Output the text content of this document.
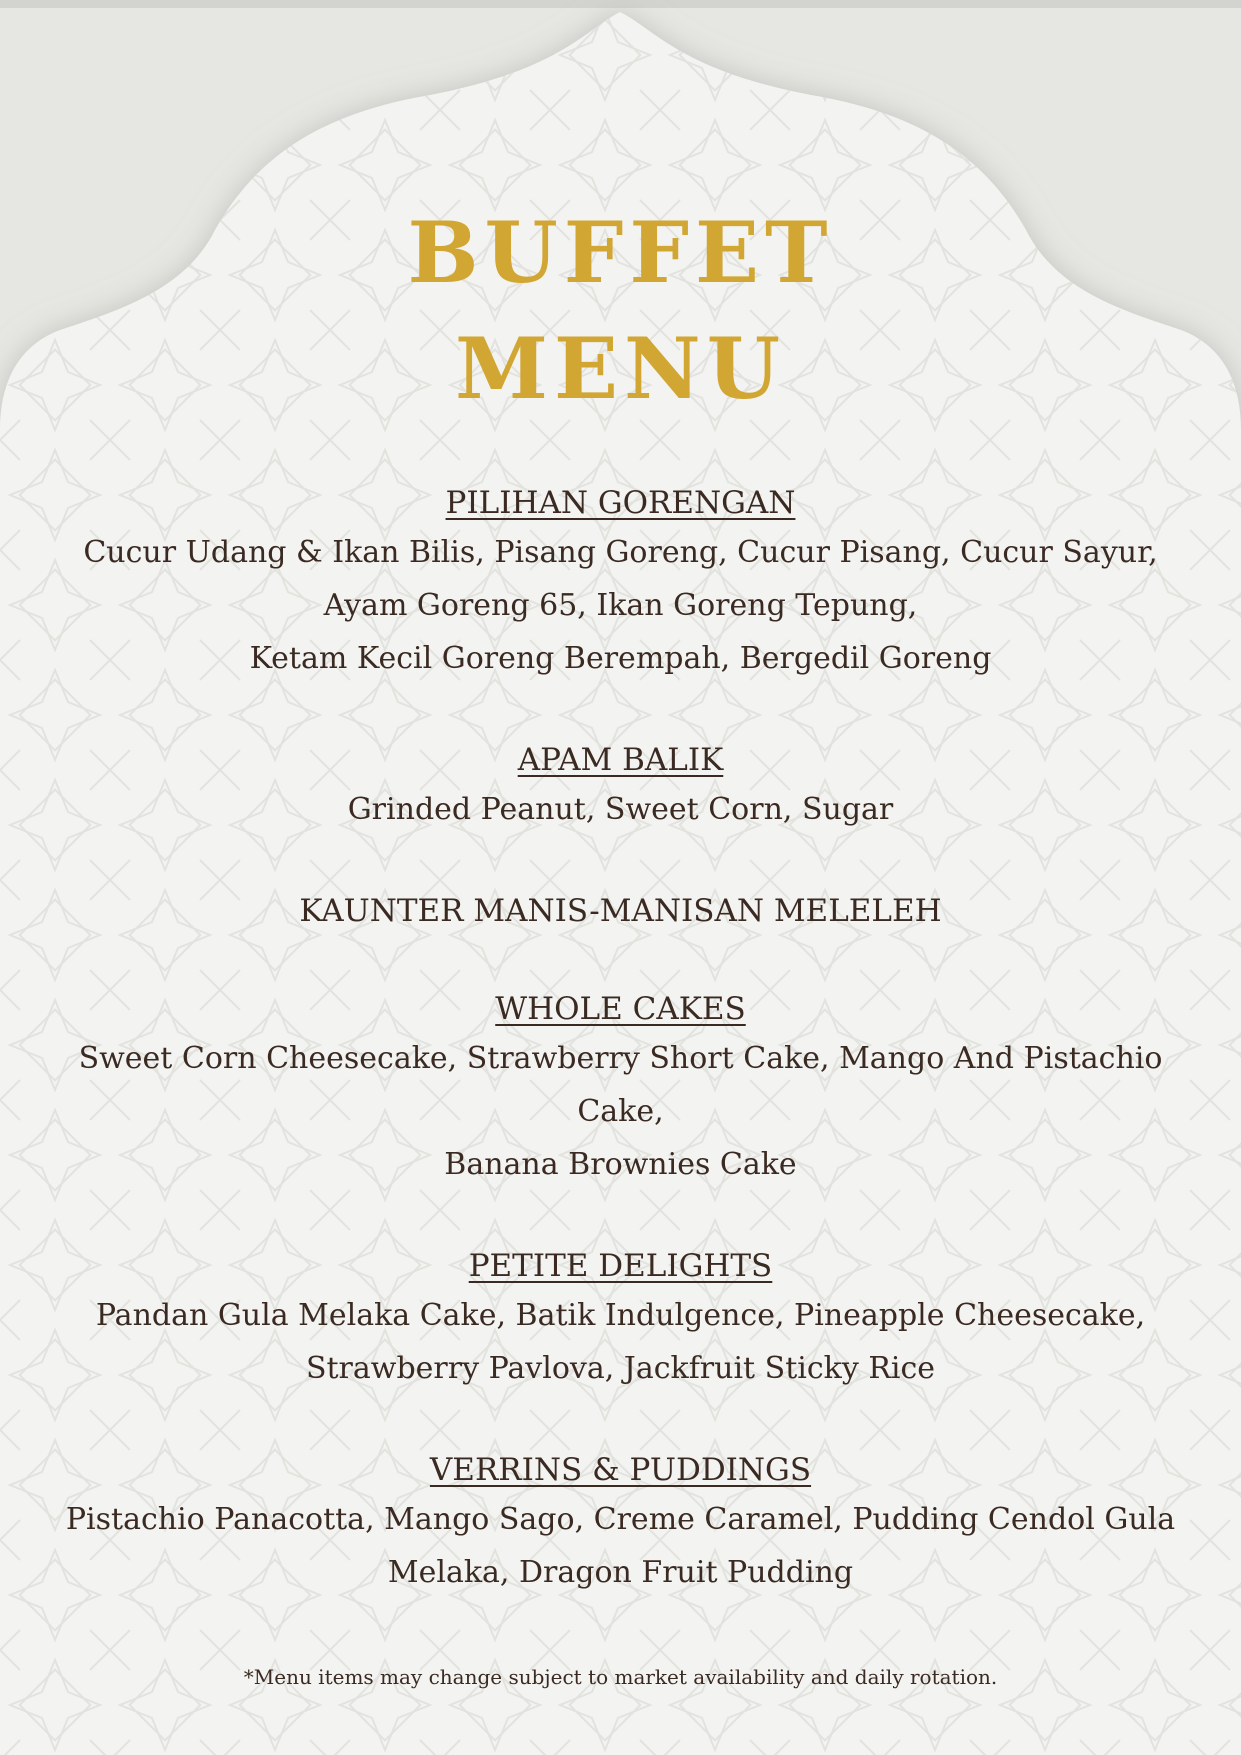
BUFFET
MENU
PILIHAN GORENGAN
Cucur Udang & Ikan Bilis, Pisang Goreng, Cucur Pisang, Cucur Sayur,
Ayam Goreng 65, Ikan Goreng Tepung,
Ketam Kecil Goreng Berempah, Bergedil Goreng
APAM BALIK
Grinded Peanut, Sweet Corn, Sugar
KAUNTER MANIS-MANISAN MELELEH
WHOLE CAKES
Sweet Corn Cheesecake, Strawberry Short Cake, Mango And Pistachio Cake,
Banana Brownies Cake
PETITE DELIGHTS
Pandan Gula Melaka Cake, Batik Indulgence, Pineapple Cheesecake,
Strawberry Pavlova, Jackfruit Sticky Rice
VERRINS & PUDDINGS
Pistachio Panacotta, Mango Sago, Creme Caramel, Pudding Cendol Gula
Melaka, Dragon Fruit Pudding
*Menu items may change subject to market availability and daily rotation.
